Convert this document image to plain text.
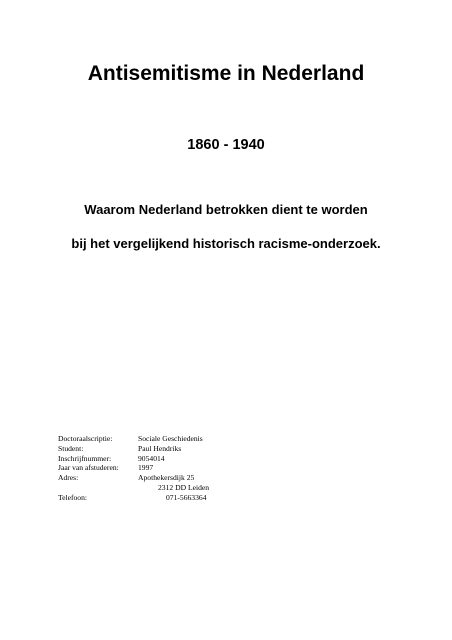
Antisemitisme in Nederland
1860 - 1940
Waarom Nederland betrokken dient te worden
bij het vergelijkend historisch racisme-onderzoek.
Doctoraalscriptie:	Sociale Geschiedenis
Student:	Paul Hendriks
Inschrijfnummer:	9054014
Jaar van afstuderen:	1997
Adres:	Apothekersdijk 25
2312 DD Leiden
Telefoon:	071-5663364
